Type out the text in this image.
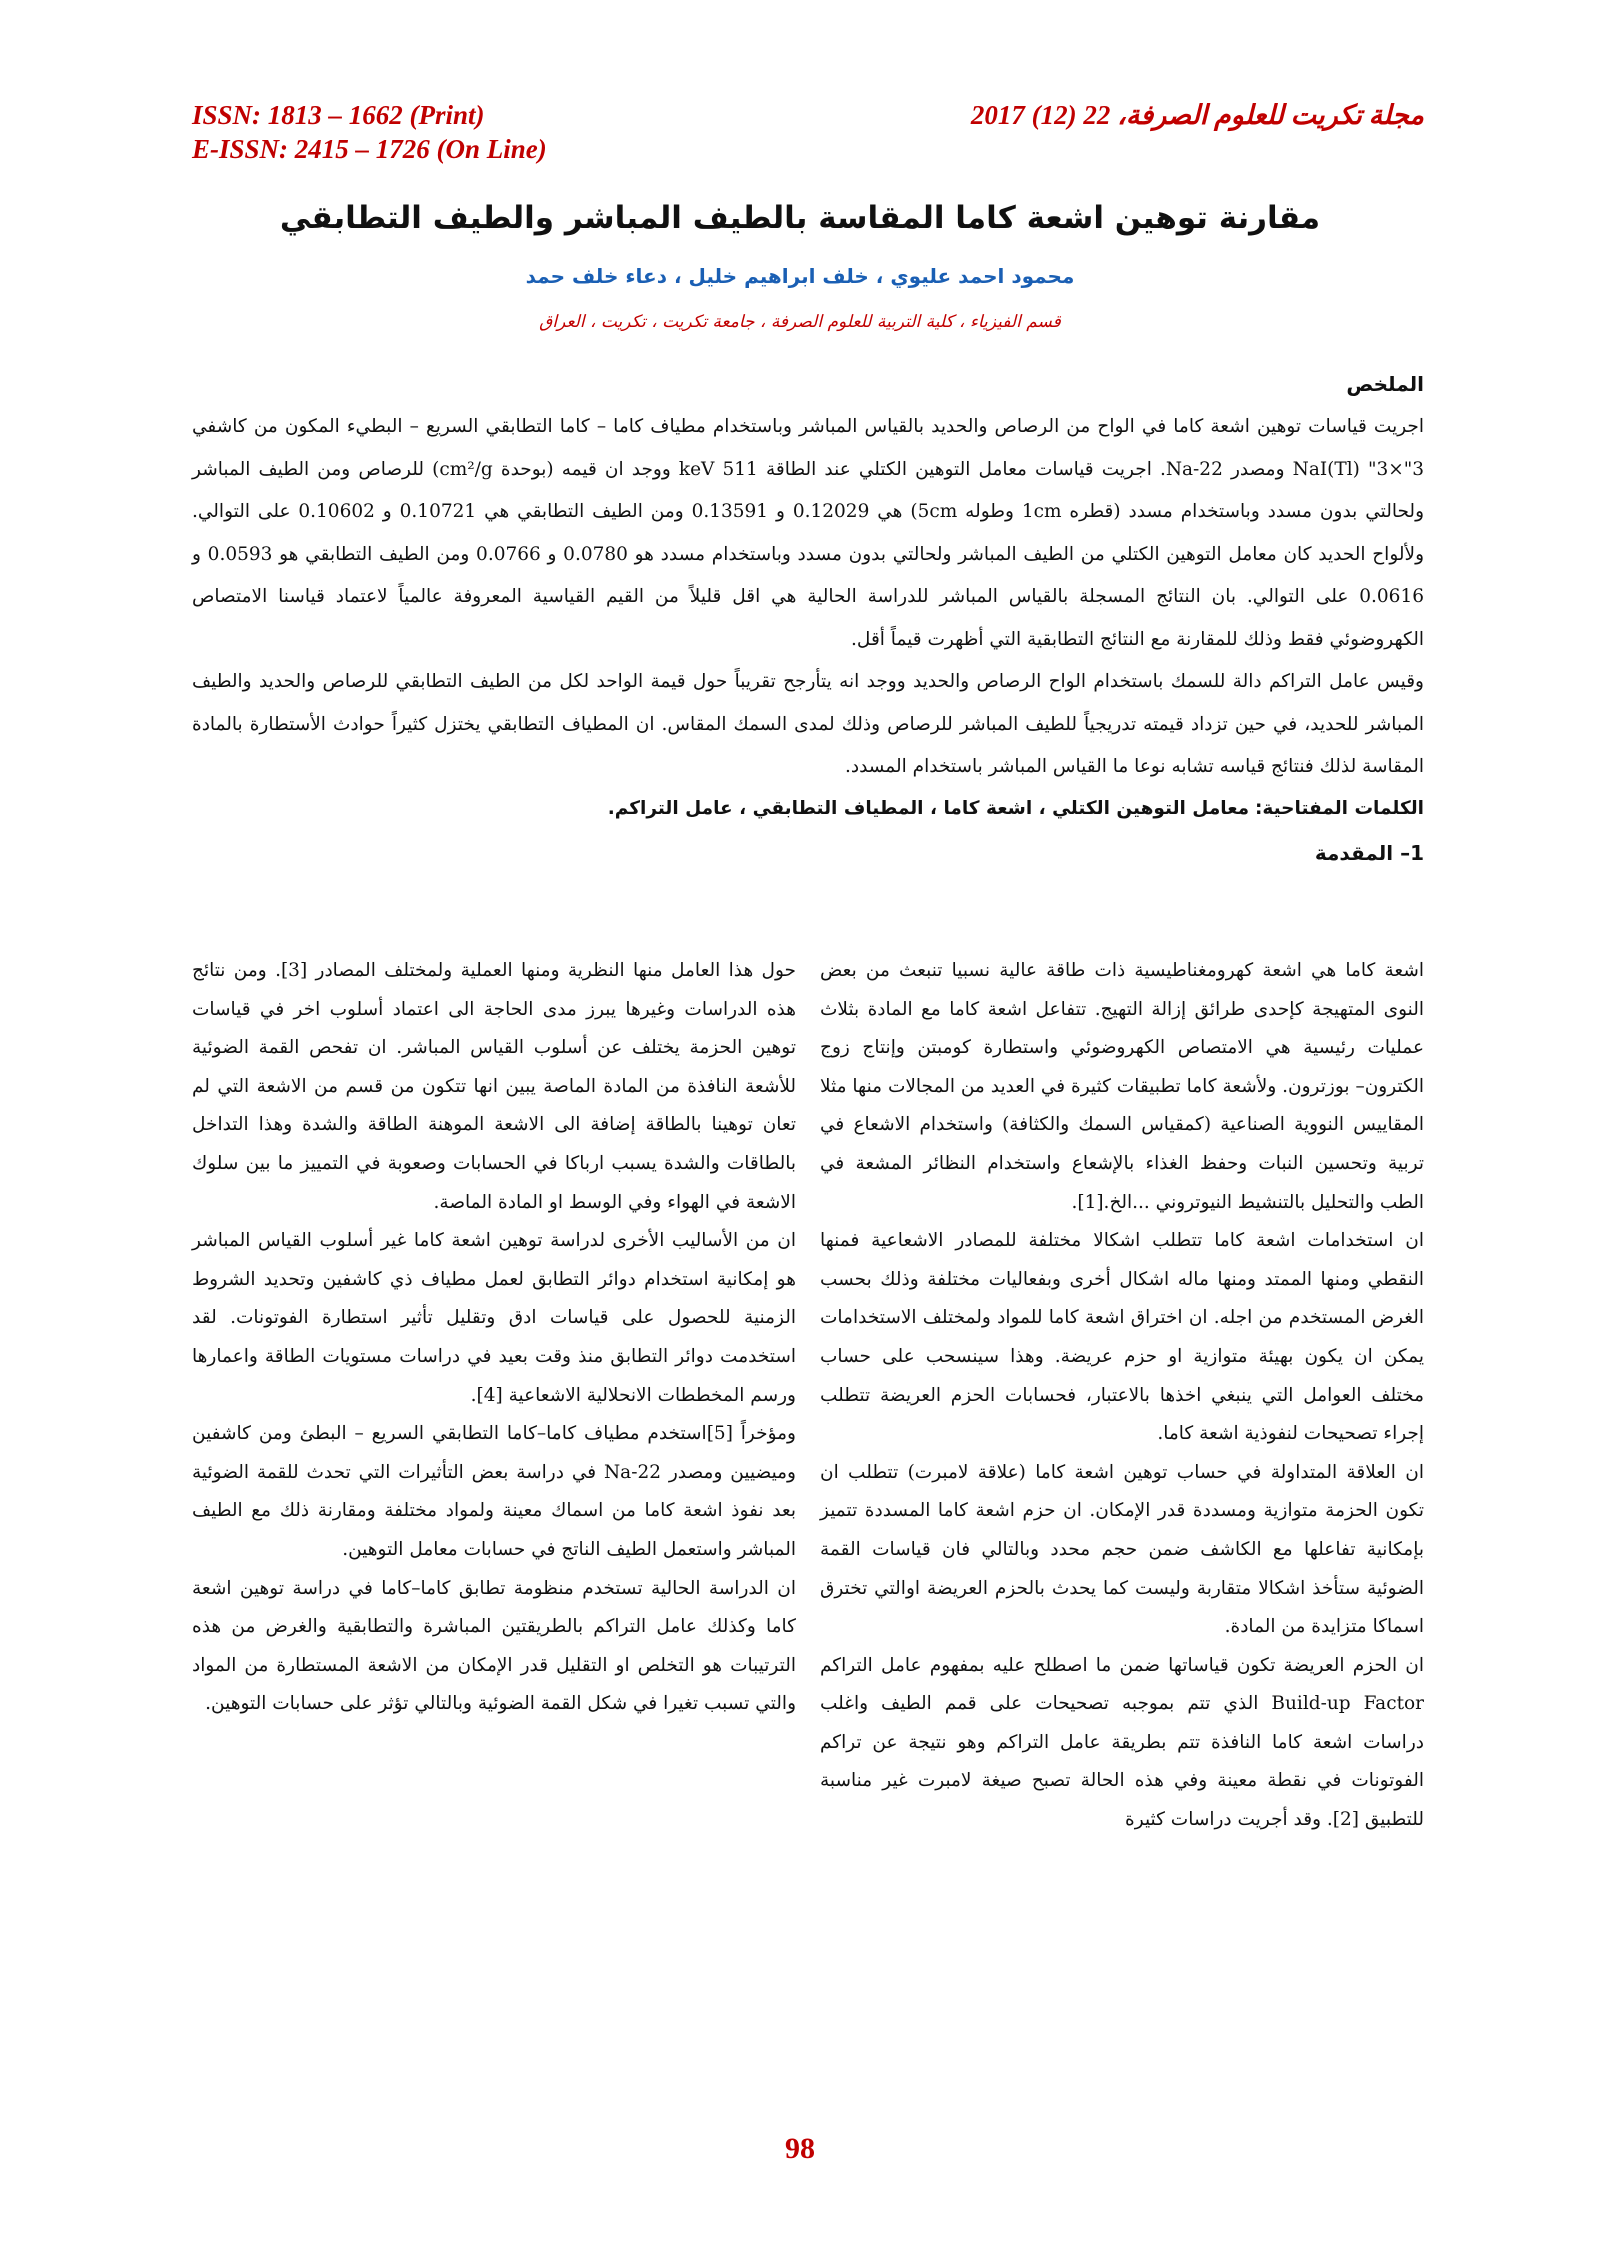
ISSN: 1813 – 1662 (Print)
E-ISSN: 2415 – 1726 (On Line)
مجلة تكريت للعلوم الصرفة، 22 (12) 2017
مقارنة توهين اشعة كاما المقاسة بالطيف المباشر والطيف التطابقي
محمود احمد عليوي ، خلف ابراهيم خليل ، دعاء خلف حمد
قسم الفيزياء ، كلية التربية للعلوم الصرفة ، جامعة تكريت ، تكريت ، العراق
الملخص

اجريت قياسات توهين اشعة كاما في الواح من الرصاص والحديد بالقياس المباشر وباستخدام مطياف كاما – كاما التطابقي السريع – البطيء المكون من كاشفي NaI(Tl) "3×"3 ومصدر Na-22. اجريت قياسات معامل التوهين الكتلي عند الطاقة 511 keV ووجد ان قيمه (بوحدة cm²/g) للرصاص ومن الطيف المباشر ولحالتي بدون مسدد وباستخدام مسدد (قطره 1cm وطوله 5cm) هي 0.12029 و 0.13591 ومن الطيف التطابقي هي 0.10721 و 0.10602 على التوالي. ولألواح الحديد كان معامل التوهين الكتلي من الطيف المباشر ولحالتي بدون مسدد وباستخدام مسدد هو 0.0780 و 0.0766 ومن الطيف التطابقي هو 0.0593 و 0.0616 على التوالي. بان النتائج المسجلة بالقياس المباشر للدراسة الحالية هي اقل قليلاً من القيم القياسية المعروفة عالمياً لاعتماد قياسنا الامتصاص الكهروضوئي فقط وذلك للمقارنة مع النتائج التطابقية التي أظهرت قيماً أقل.

وقيس عامل التراكم دالة للسمك باستخدام الواح الرصاص والحديد ووجد انه يتأرجح تقريباً حول قيمة الواحد لكل من الطيف التطابقي للرصاص والحديد والطيف المباشر للحديد، في حين تزداد قيمته تدريجياً للطيف المباشر للرصاص وذلك لمدى السمك المقاس. ان المطياف التطابقي يختزل كثيراً حوادث الأستطارة بالمادة المقاسة لذلك فنتائج قياسه تشابه نوعا ما القياس المباشر باستخدام المسدد.

الكلمات المفتاحية: معامل التوهين الكتلي ، اشعة كاما ، المطياف التطابقي ، عامل التراكم.

1– المقدمة

اشعة كاما هي اشعة كهرومغناطيسية ذات طاقة عالية نسبيا تنبعث من بعض النوى المتهيجة كإحدى طرائق إزالة التهيج. تتفاعل اشعة كاما مع المادة بثلاث عمليات رئيسية هي الامتصاص الكهروضوئي واستطارة كومبتن وإنتاج زوج الكترون– بوزترون. ولأشعة كاما تطبيقات كثيرة في العديد من المجالات منها مثلا المقاييس النووية الصناعية (كمقياس السمك والكثافة) واستخدام الاشعاع في تربية وتحسين النبات وحفظ الغذاء بالإشعاع واستخدام النظائر المشعة في الطب والتحليل بالتنشيط النيوتروني ...الخ.[1].

ان استخدامات اشعة كاما تتطلب اشكالا مختلفة للمصادر الاشعاعية فمنها النقطي ومنها الممتد ومنها ماله اشكال أخرى وبفعاليات مختلفة وذلك بحسب الغرض المستخدم من اجله. ان اختراق اشعة كاما للمواد ولمختلف الاستخدامات يمكن ان يكون بهيئة متوازية او حزم عريضة. وهذا سينسحب على حساب مختلف العوامل التي ينبغي اخذها بالاعتبار، فحسابات الحزم العريضة تتطلب إجراء تصحيحات لنفوذية اشعة كاما.

ان العلاقة المتداولة في حساب توهين اشعة كاما (علاقة لامبرت) تتطلب ان تكون الحزمة متوازية ومسددة قدر الإمكان. ان حزم اشعة كاما المسددة تتميز بإمكانية تفاعلها مع الكاشف ضمن حجم محدد وبالتالي فان قياسات القمة الضوئية ستأخذ اشكالا متقاربة وليست كما يحدث بالحزم العريضة اوالتي تخترق اسماكا متزايدة من المادة.

ان الحزم العريضة تكون قياساتها ضمن ما اصطلح عليه بمفهوم عامل التراكم Build-up Factor الذي تتم بموجبه تصحيحات على قمم الطيف واغلب دراسات اشعة كاما النافذة تتم بطريقة عامل التراكم وهو نتيجة عن تراكم الفوتونات في نقطة معينة وفي هذه الحالة تصبح صيغة لامبرت غير مناسبة للتطبيق [2]. وقد أجريت دراسات كثيرة

حول هذا العامل منها النظرية ومنها العملية ولمختلف المصادر [3]. ومن نتائج هذه الدراسات وغيرها يبرز مدى الحاجة الى اعتماد أسلوب اخر في قياسات توهين الحزمة يختلف عن أسلوب القياس المباشر. ان تفحص القمة الضوئية للأشعة النافذة من المادة الماصة يبين انها تتكون من قسم من الاشعة التي لم تعان توهينا بالطاقة إضافة الى الاشعة الموهنة الطاقة والشدة وهذا التداخل بالطاقات والشدة يسبب ارباكا في الحسابات وصعوبة في التمييز ما بين سلوك الاشعة في الهواء وفي الوسط او المادة الماصة.

ان من الأساليب الأخرى لدراسة توهين اشعة كاما غير أسلوب القياس المباشر هو إمكانية استخدام دوائر التطابق لعمل مطياف ذي كاشفين وتحديد الشروط الزمنية للحصول على قياسات ادق وتقليل تأثير استطارة الفوتونات. لقد استخدمت دوائر التطابق منذ وقت بعيد في دراسات مستويات الطاقة واعمارها ورسم المخططات الانحلالية الاشعاعية [4].

ومؤخراً [5]استخدم مطياف كاما–كاما التطابقي السريع – البطئ ومن كاشفين وميضيين ومصدر Na-22 في دراسة بعض التأثيرات التي تحدث للقمة الضوئية بعد نفوذ اشعة كاما من اسماك معينة ولمواد مختلفة ومقارنة ذلك مع الطيف المباشر واستعمل الطيف الناتج في حسابات معامل التوهين.

ان الدراسة الحالية تستخدم منظومة تطابق كاما–كاما في دراسة توهين اشعة كاما وكذلك عامل التراكم بالطريقتين المباشرة والتطابقية والغرض من هذه الترتيبات هو التخلص او التقليل قدر الإمكان من الاشعة المستطارة من المواد والتي تسبب تغيرا في شكل القمة الضوئية وبالتالي تؤثر على حسابات التوهين.

98
